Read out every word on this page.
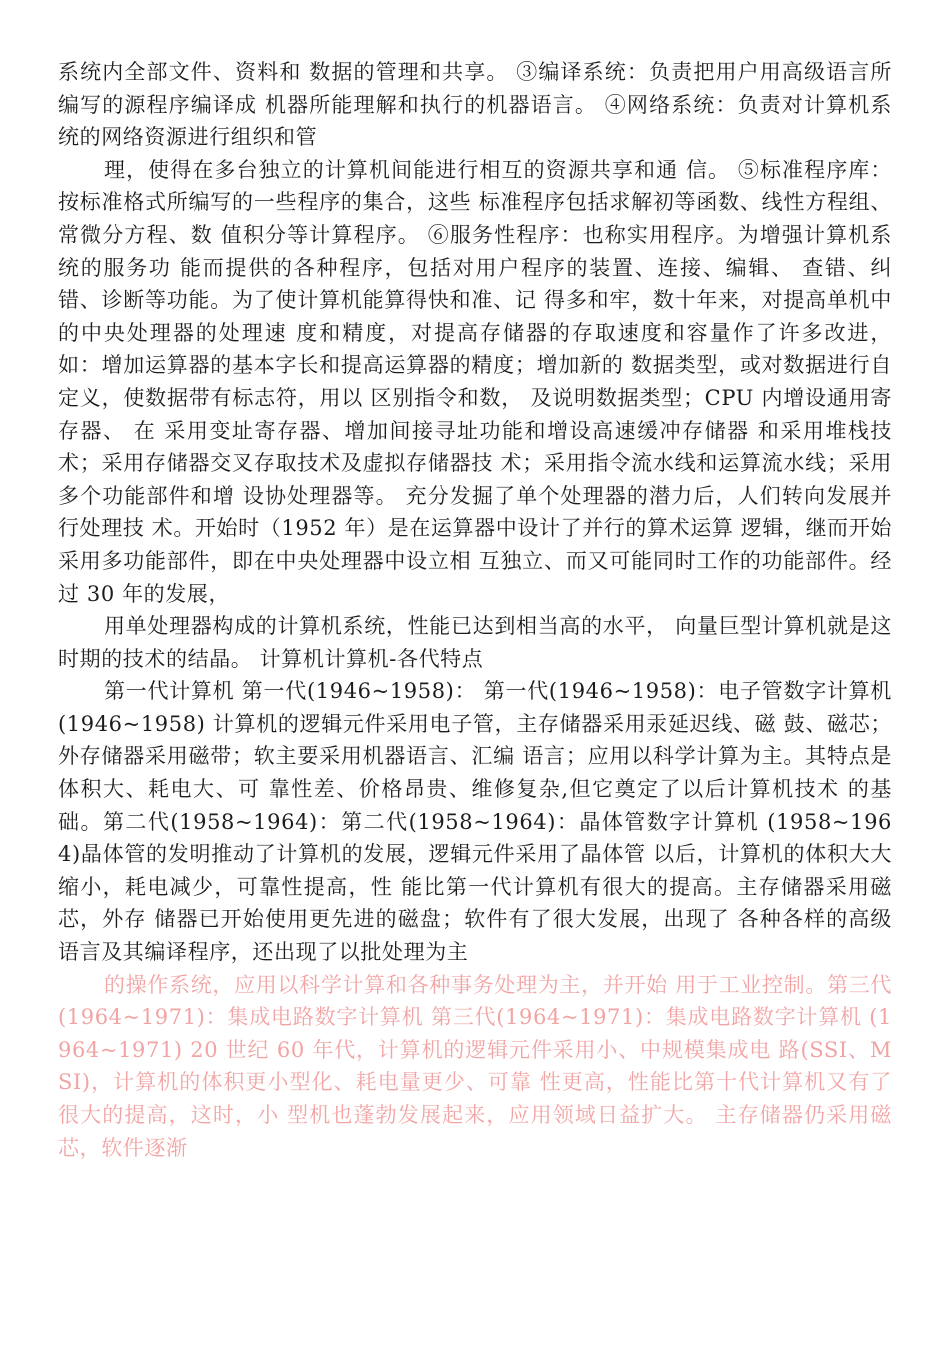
系统内全部文件、资料和 数据的管理和共享。 ③编译系统：负责把用户用高级语言所编写的源程序编译成 机器所能理解和执行的机器语言。 ④网络系统：负责对计算机系统的网络资源进行组织和管

理，使得在多台独立的计算机间能进行相互的资源共享和通 信。 ⑤标准程序库：按标准格式所编写的一些程序的集合，这些 标准程序包括求解初等函数、线性方程组、常微分方程、数 值积分等计算程序。 ⑥服务性程序：也称实用程序。为增强计算机系统的服务功 能而提供的各种程序，包括对用户程序的装置、连接、编辑、 查错、纠错、诊断等功能。为了使计算机能算得快和准、记 得多和牢，数十年来，对提高单机中的中央处理器的处理速 度和精度，对提高存储器的存取速度和容量作了许多改进， 如：增加运算器的基本字长和提高运算器的精度；增加新的 数据类型，或对数据进行自定义，使数据带有标志符，用以 区别指令和数， 及说明数据类型；CPU 内增设通用寄存器、 在 采用变址寄存器、增加间接寻址功能和增设高速缓冲存储器 和采用堆栈技术；采用存储器交叉存取技术及虚拟存储器技 术；采用指令流水线和运算流水线；采用多个功能部件和增 设协处理器等。 充分发掘了单个处理器的潜力后，人们转向发展并行处理技 术。开始时（1952 年）是在运算器中设计了并行的算术运算 逻辑，继而开始采用多功能部件，即在中央处理器中设立相 互独立、而又可能同时工作的功能部件。经过 30 年的发展，

用单处理器构成的计算机系统，性能已达到相当高的水平， 向量巨型计算机就是这时期的技术的结晶。 计算机计算机-各代特点

第一代计算机 第一代(1946~1958)： 第一代(1946~1958)：电子管数字计算机 (1946~1958) 计算机的逻辑元件采用电子管，主存储器采用汞延迟线、磁 鼓、磁芯；外存储器采用磁带；软主要采用机器语言、汇编 语言；应用以科学计算为主。其特点是体积大、耗电大、可 靠性差、价格昂贵、维修复杂,但它奠定了以后计算机技术 的基础。第二代(1958~1964)：第二代(1958~1964)：晶体管数字计算机 (1958~1964)晶体管的发明推动了计算机的发展，逻辑元件采用了晶体管 以后，计算机的体积大大缩小，耗电减少，可靠性提高，性 能比第一代计算机有很大的提高。主存储器采用磁芯，外存 储器已开始使用更先进的磁盘；软件有了很大发展，出现了 各种各样的高级语言及其编译程序，还出现了以批处理为主

的操作系统，应用以科学计算和各种事务处理为主，并开始 用于工业控制。第三代(1964~1971)：集成电路数字计算机 第三代(1964~1971)：集成电路数字计算机 (1964~1971) 20 世纪 60 年代，计算机的逻辑元件采用小、中规模集成电 路(SSI、MSI)，计算机的体积更小型化、耗电量更少、可靠 性更高，性能比第十代计算机又有了很大的提高，这时，小 型机也蓬勃发展起来，应用领域日益扩大。 主存储器仍采用磁芯，软件逐渐
